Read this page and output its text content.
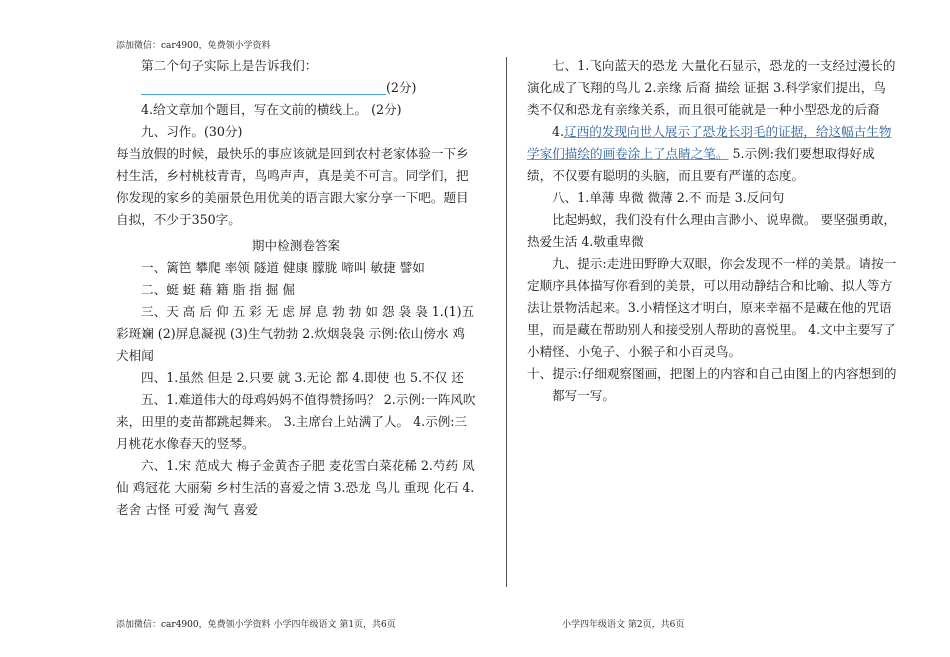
添加微信：car4900，免费领小学资料

第二个句子实际上是告诉我们：

(2分)

4.给文章加个题目，写在文前的横线上。 (2分)

九、习作。(30分)

每当放假的时候，最快乐的事应该就是回到农村老家体验一下乡村生活，乡村桃枝青青，鸟鸣声声，真是美不可言。同学们，把你发现的家乡的美丽景色用优美的语言跟大家分享一下吧。题目自拟，不少于350字。

期中检测卷答案

一、篱笆 攀爬 率领 隧道 健康 朦胧 啼叫 敏捷 譬如

二、蜓 蜓 藉 籍 脂 指 掘 倔

三、天 高 后 仰 五 彩 无 虑 屏 息 勃 勃 如 怨 袅 袅 1.(1)五彩斑斓 (2)屏息凝视 (3)生气勃勃 2.炊烟袅袅 示例:依山傍水 鸡犬相闻

四、1.虽然 但是 2.只要 就 3.无论 都 4.即使 也 5.不仅 还

五、1.难道伟大的母鸡妈妈不值得赞扬吗？ 2.示例:一阵风吹来，田里的麦苗都跳起舞来。 3.主席台上站满了人。 4.示例:三月桃花水像春天的竖琴。

六、1.宋 范成大 梅子金黄杏子肥 麦花雪白菜花稀 2.芍药 凤仙 鸡冠花 大丽菊 乡村生活的喜爱之情 3.恐龙 鸟儿 重现 化石 4.老舍 古怪 可爱 淘气 喜爱

七、1.飞向蓝天的恐龙 大量化石显示，恐龙的一支经过漫长的演化成了飞翔的鸟儿 2.亲缘 后裔 描绘 证据 3.科学家们提出，鸟类不仅和恐龙有亲缘关系，而且很可能就是一种小型恐龙的后裔

4.辽西的发现向世人展示了恐龙长羽毛的证据，给这幅古生物学家们描绘的画卷涂上了点睛之笔。 5.示例:我们要想取得好成绩，不仅要有聪明的头脑，而且要有严谨的态度。

八、1.单薄 卑微 微薄 2.不 而是 3.反问句

比起蚂蚁，我们没有什么理由言渺小、说卑微。 要坚强勇敢，热爱生活 4.敬重卑微

九、提示:走进田野睁大双眼，你会发现不一样的美景。请按一定顺序具体描写你看到的美景，可以用动静结合和比喻、拟人等方法让景物活起来。3.小精怪这才明白，原来幸福不是藏在他的咒语里，而是藏在帮助别人和接受别人帮助的喜悦里。 4.文中主要写了小精怪、小兔子、小猴子和小百灵鸟。

十、提示:仔细观察图画，把图上的内容和自己由图上的内容想到的都写一写。

添加微信：car4900，免费领小学资料 小学四年级语文 第1页，共6页	小学四年级语文 第2页，共6页
